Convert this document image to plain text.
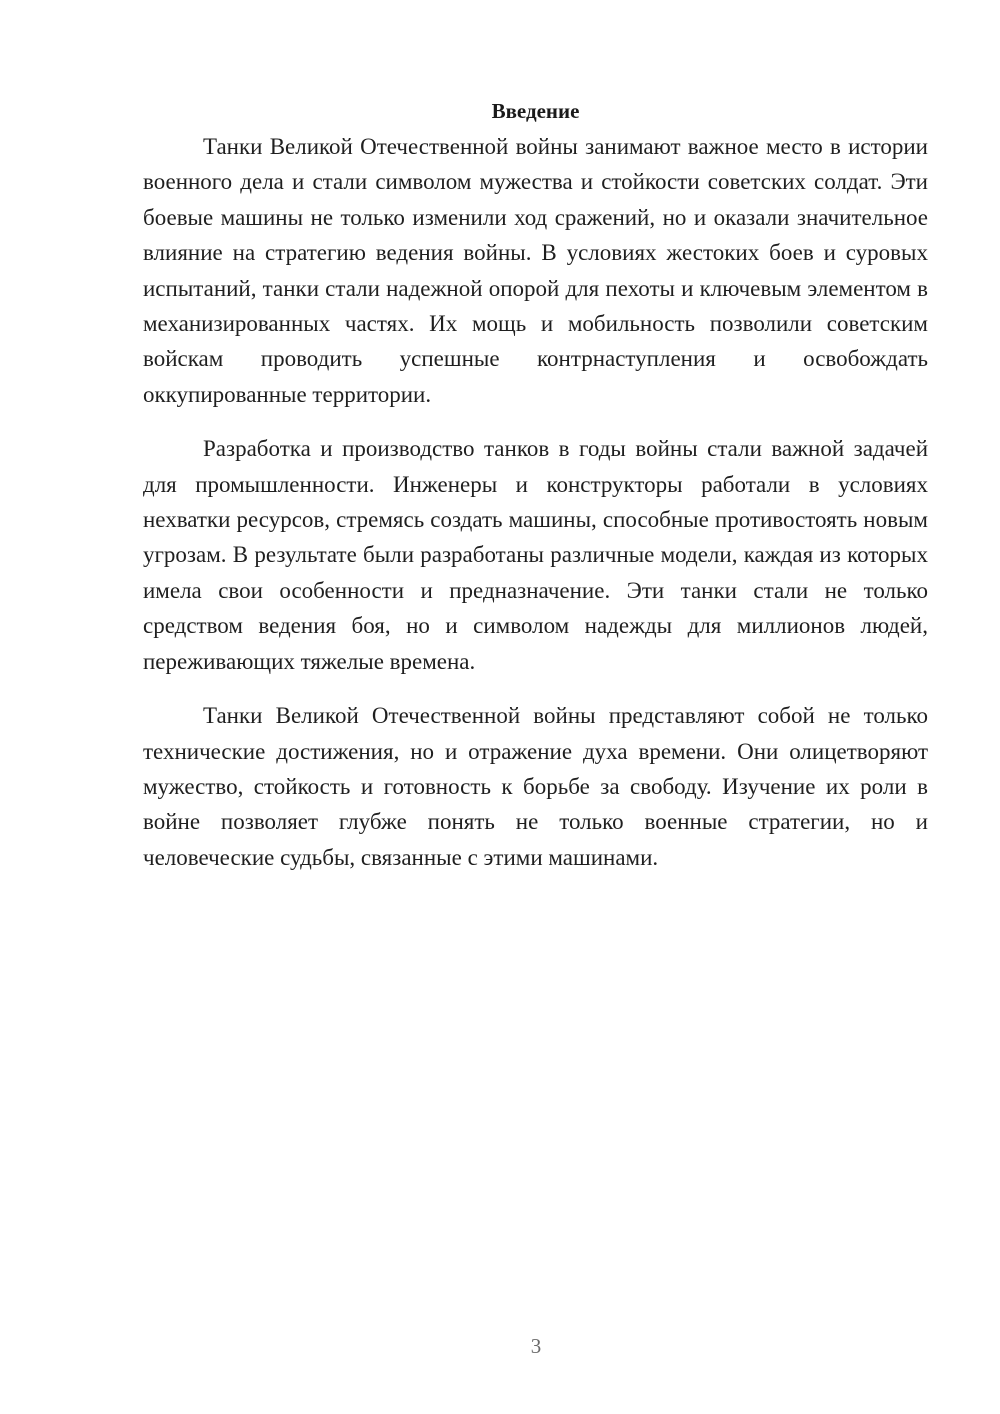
Введение

Танки Великой Отечественной войны занимают важное место в истории военного дела и стали символом мужества и стойкости советских солдат. Эти боевые машины не только изменили ход сражений, но и оказали значительное влияние на стратегию ведения войны. В условиях жестоких боев и суровых испытаний, танки стали надежной опорой для пехоты и ключевым элементом в механизированных частях. Их мощь и мобильность позволили советским войскам проводить успешные контрнаступления и освобождать оккупированные территории.

Разработка и производство танков в годы войны стали важной задачей для промышленности. Инженеры и конструкторы работали в условиях нехватки ресурсов, стремясь создать машины, способные противостоять новым угрозам. В результате были разработаны различные модели, каждая из которых имела свои особенности и предназначение. Эти танки стали не только средством ведения боя, но и символом надежды для миллионов людей, переживающих тяжелые времена.

Танки Великой Отечественной войны представляют собой не только технические достижения, но и отражение духа времени. Они олицетворяют мужество, стойкость и готовность к борьбе за свободу. Изучение их роли в войне позволяет глубже понять не только военные стратегии, но и человеческие судьбы, связанные с этими машинами.

3
